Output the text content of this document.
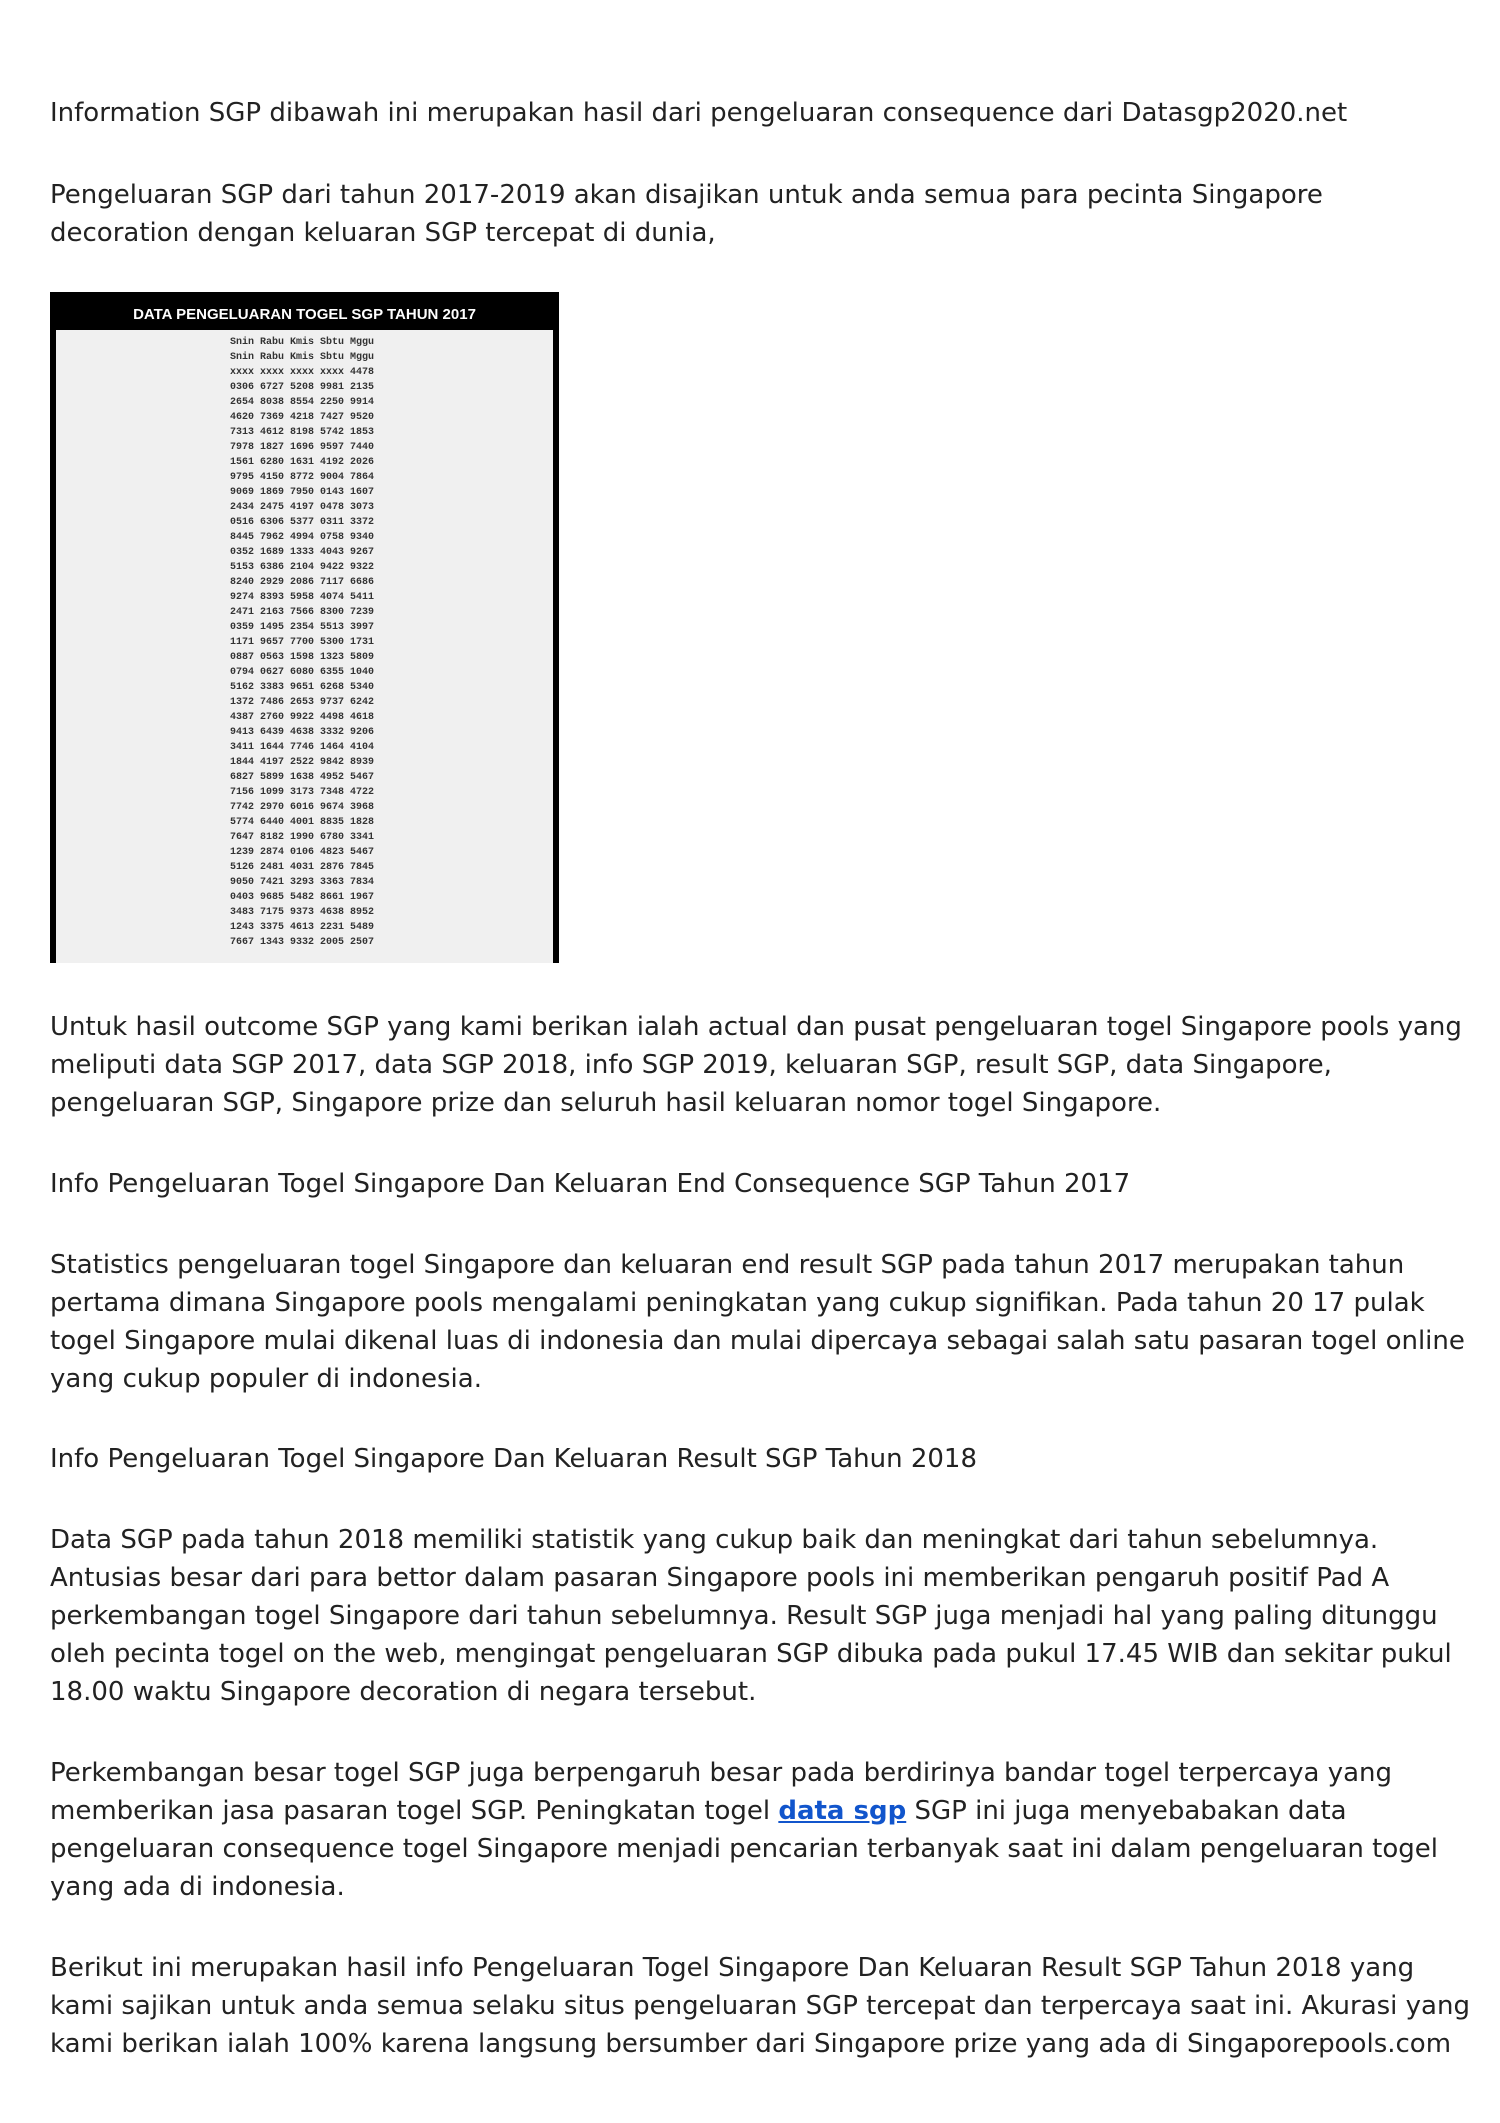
Information SGP dibawah ini merupakan hasil dari pengeluaran consequence dari Datasgp2020.net

Pengeluaran SGP dari tahun 2017-2019 akan disajikan untuk anda semua para pecinta Singapore decoration dengan keluaran SGP tercepat di dunia,

DATA PENGELUARAN TOGEL SGP TAHUN 2017
Snin Rabu Kmis Sbtu Mggu
Snin Rabu Kmis Sbtu Mggu
xxxx xxxx xxxx xxxx 4478
0306 6727 5208 9981 2135
2654 8038 8554 2250 9914
4620 7369 4218 7427 9520
7313 4612 8198 5742 1853
7978 1827 1696 9597 7440
1561 6280 1631 4192 2026
9795 4150 8772 9004 7864
9069 1869 7950 0143 1607
2434 2475 4197 0478 3073
0516 6306 5377 0311 3372
8445 7962 4994 0758 9340
0352 1689 1333 4043 9267
5153 6386 2104 9422 9322
8240 2929 2086 7117 6686
9274 8393 5958 4074 5411
2471 2163 7566 8300 7239
0359 1495 2354 5513 3997
1171 9657 7700 5300 1731
0887 0563 1598 1323 5809
0794 0627 6080 6355 1040
5162 3383 9651 6268 5340
1372 7486 2653 9737 6242
4387 2760 9922 4498 4618
9413 6439 4638 3332 9206
3411 1644 7746 1464 4104
1844 4197 2522 9842 8939
6827 5899 1638 4952 5467
7156 1099 3173 7348 4722
7742 2970 6016 9674 3968
5774 6440 4001 8835 1828
7647 8182 1990 6780 3341
1239 2874 0106 4823 5467
5126 2481 4031 2876 7845
9050 7421 3293 3363 7834
0403 9685 5482 8661 1967
3483 7175 9373 4638 8952
1243 3375 4613 2231 5489
7667 1343 9332 2005 2507

Untuk hasil outcome SGP yang kami berikan ialah actual dan pusat pengeluaran togel Singapore pools yang meliputi data SGP 2017, data SGP 2018, info SGP 2019, keluaran SGP, result SGP, data Singapore, pengeluaran SGP, Singapore prize dan seluruh hasil keluaran nomor togel Singapore.

Info Pengeluaran Togel Singapore Dan Keluaran End Consequence SGP Tahun 2017

Statistics pengeluaran togel Singapore dan keluaran end result SGP pada tahun 2017 merupakan tahun pertama dimana Singapore pools mengalami peningkatan yang cukup signifikan. Pada tahun 20 17 pulak togel Singapore mulai dikenal luas di indonesia dan mulai dipercaya sebagai salah satu pasaran togel online yang cukup populer di indonesia.

Info Pengeluaran Togel Singapore Dan Keluaran Result SGP Tahun 2018

Data SGP pada tahun 2018 memiliki statistik yang cukup baik dan meningkat dari tahun sebelumnya. Antusias besar dari para bettor dalam pasaran Singapore pools ini memberikan pengaruh positif Pad A perkembangan togel Singapore dari tahun sebelumnya. Result SGP juga menjadi hal yang paling ditunggu oleh pecinta togel on the web, mengingat pengeluaran SGP dibuka pada pukul 17.45 WIB dan sekitar pukul 18.00 waktu Singapore decoration di negara tersebut.

Perkembangan besar togel SGP juga berpengaruh besar pada berdirinya bandar togel terpercaya yang memberikan jasa pasaran togel SGP. Peningkatan togel data sgp SGP ini juga menyebabakan data pengeluaran consequence togel Singapore menjadi pencarian terbanyak saat ini dalam pengeluaran togel yang ada di indonesia.

Berikut ini merupakan hasil info Pengeluaran Togel Singapore Dan Keluaran Result SGP Tahun 2018 yang kami sajikan untuk anda semua selaku situs pengeluaran SGP tercepat dan terpercaya saat ini. Akurasi yang kami berikan ialah 100% karena langsung bersumber dari Singapore prize yang ada di Singaporepools.com
